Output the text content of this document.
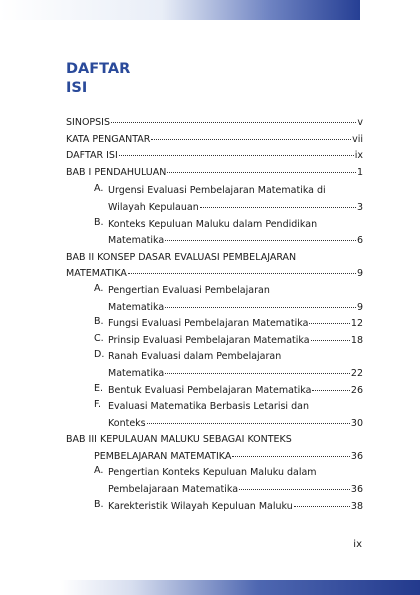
DAFTAR
ISI
SINOPSIS	v
KATA PENGANTAR	vii
DAFTAR ISI	ix
BAB I PENDAHULUAN	1
A. Urgensi Evaluasi Pembelajaran Matematika di
Wilayah Kepulauan	3
B. Konteks Kepuluan Maluku dalam Pendidikan
Matematika	6
BAB II KONSEP DASAR EVALUASI PEMBELAJARAN
MATEMATIKA	9
A. Pengertian Evaluasi Pembelajaran
Matematika	9
B. Fungsi Evaluasi Pembelajaran Matematika	12
C. Prinsip Evaluasi Pembelajaran Matematika	18
D. Ranah Evaluasi dalam Pembelajaran
Matematika	22
E. Bentuk Evaluasi Pembelajaran Matematika	26
F. Evaluasi Matematika Berbasis Letarisi dan
Konteks	30
BAB III KEPULAUAN MALUKU SEBAGAI KONTEKS
PEMBELAJARAN MATEMATIKA	36
A. Pengertian Konteks Kepuluan Maluku dalam
Pembelajaraan Matematika	36
B. Karekteristik Wilayah Kepuluan Maluku	38
ix
